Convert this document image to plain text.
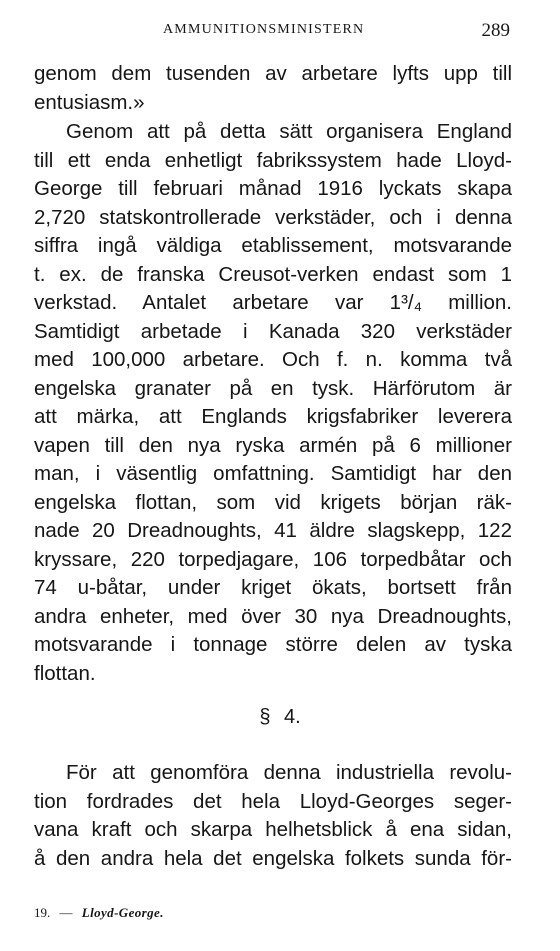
AMMUNITIONSMINISTERN	289
genom dem tusenden av arbetare lyfts upp till
entusiasm.»
Genom att på detta sätt organisera England
till ett enda enhetligt fabrikssystem hade Lloyd-
George till februari månad 1916 lyckats skapa
2,720 statskontrollerade verkstäder, och i denna
siffra ingå väldiga etablissement, motsvarande
t. ex. de franska Creusot-verken endast som 1
verkstad. Antalet arbetare var 1³/₄ million.
Samtidigt arbetade i Kanada 320 verkstäder
med 100,000 arbetare. Och f. n. komma två
engelska granater på en tysk. Härförutom är
att märka, att Englands krigsfabriker leverera
vapen till den nya ryska armén på 6 millioner
man, i väsentlig omfattning. Samtidigt har den
engelska flottan, som vid krigets början räk-
nade 20 Dreadnoughts, 41 äldre slagskepp, 122
kryssare, 220 torpedjagare, 106 torpedbåtar och
74 u-båtar, under kriget ökats, bortsett från
andra enheter, med över 30 nya Dreadnoughts,
motsvarande i tonnage större delen av tyska
flottan.
§ 4.
För att genomföra denna industriella revolu-
tion fordrades det hela Lloyd-Georges seger-
vana kraft och skarpa helhetsblick å ena sidan,
å den andra hela det engelska folkets sunda för-
19. — Lloyd-George.
